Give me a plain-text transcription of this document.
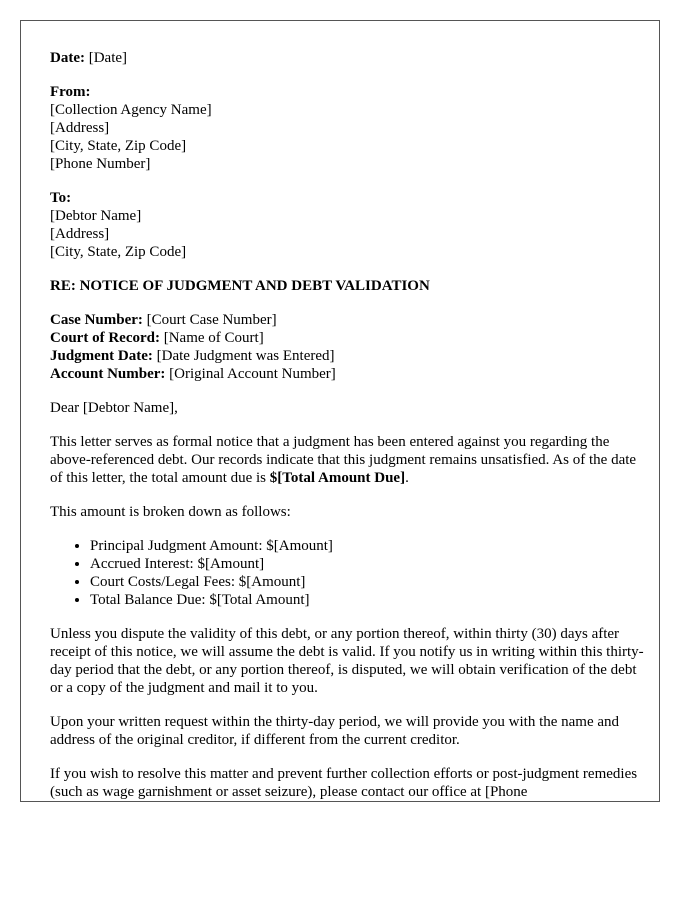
Date: [Date]
From:
[Collection Agency Name]
[Address]
[City, State, Zip Code]
[Phone Number]
To:
[Debtor Name]
[Address]
[City, State, Zip Code]
RE: NOTICE OF JUDGMENT AND DEBT VALIDATION
Case Number: [Court Case Number]
Court of Record: [Name of Court]
Judgment Date: [Date Judgment was Entered]
Account Number: [Original Account Number]
Dear [Debtor Name],
This letter serves as formal notice that a judgment has been entered against you regarding the above-referenced debt. Our records indicate that this judgment remains unsatisfied. As of the date of this letter, the total amount due is $[Total Amount Due].
This amount is broken down as follows:
• Principal Judgment Amount: $[Amount]
• Accrued Interest: $[Amount]
• Court Costs/Legal Fees: $[Amount]
• Total Balance Due: $[Total Amount]
Unless you dispute the validity of this debt, or any portion thereof, within thirty (30) days after receipt of this notice, we will assume the debt is valid. If you notify us in writing within this thirty-day period that the debt, or any portion thereof, is disputed, we will obtain verification of the debt or a copy of the judgment and mail it to you.
Upon your written request within the thirty-day period, we will provide you with the name and address of the original creditor, if different from the current creditor.
If you wish to resolve this matter and prevent further collection efforts or post-judgment remedies (such as wage garnishment or asset seizure), please contact our office at [Phone
